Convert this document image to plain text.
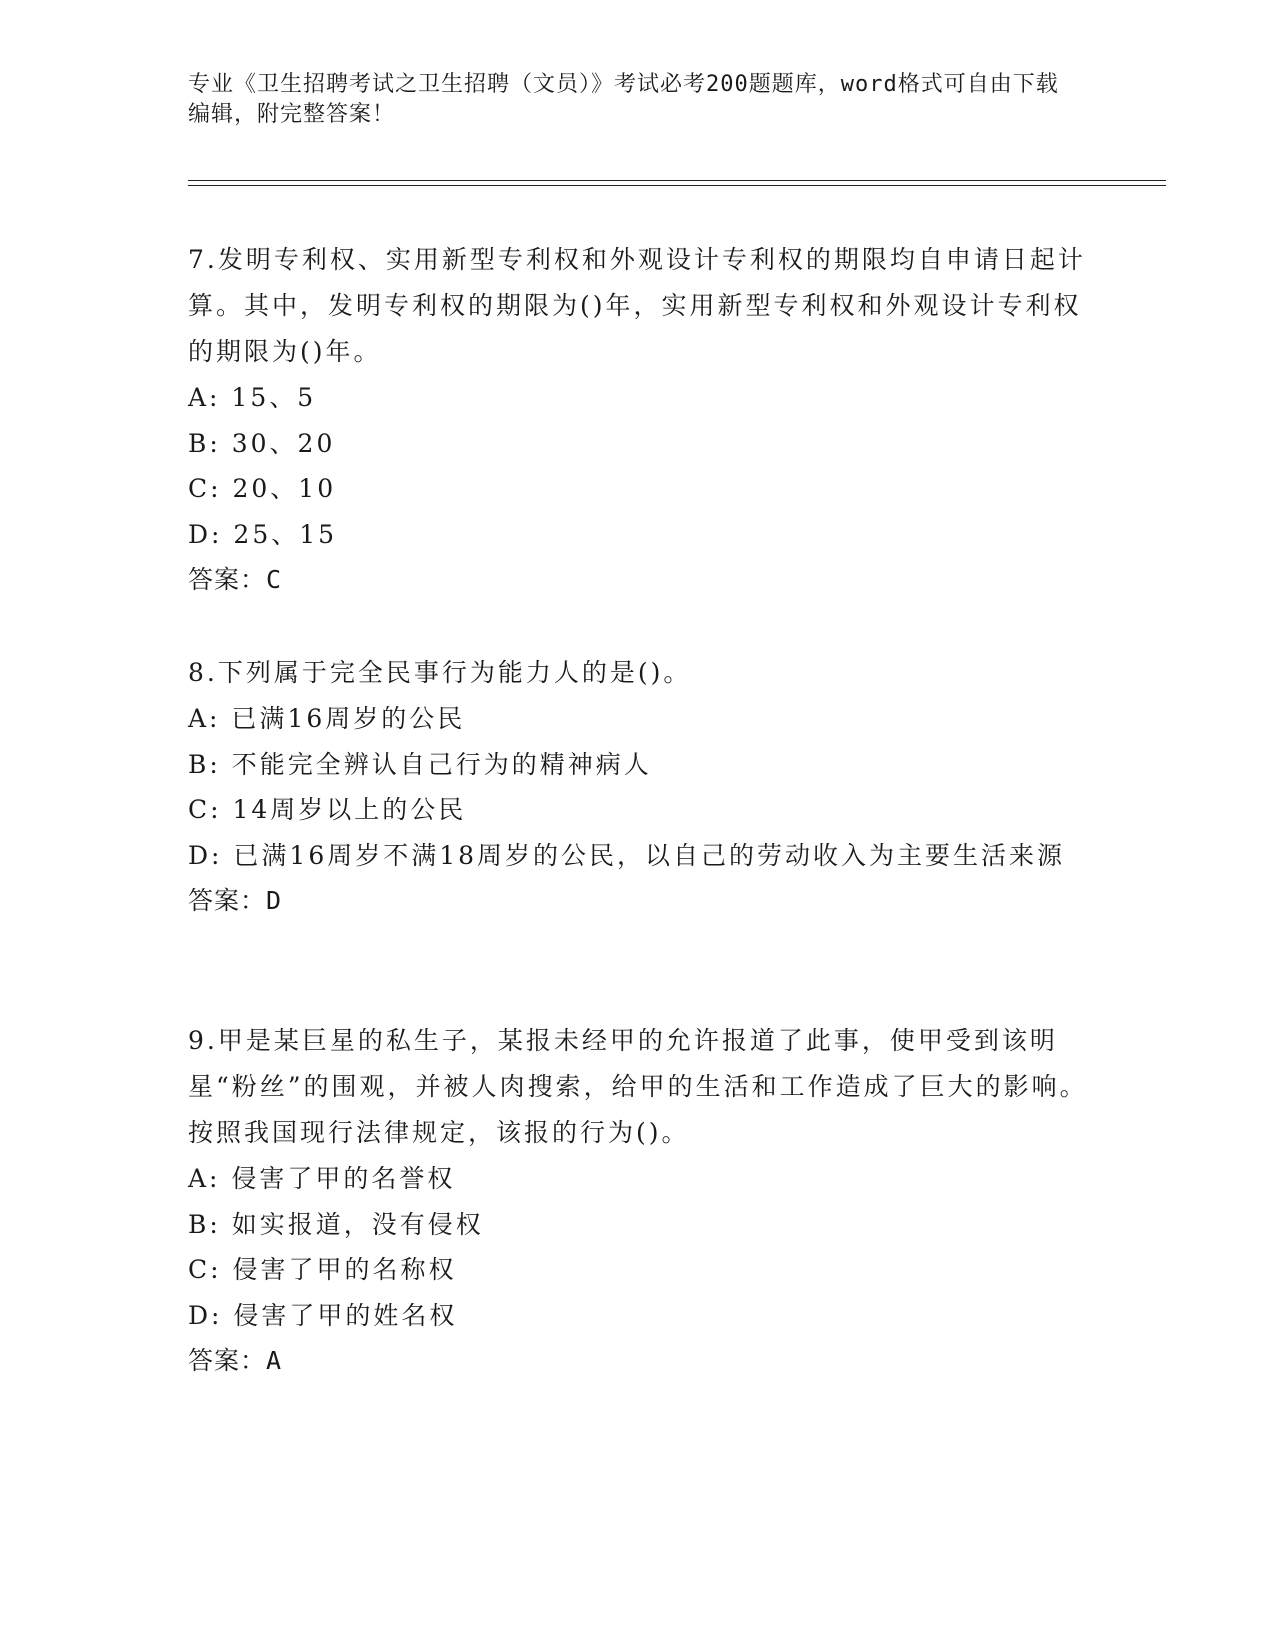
专业《卫生招聘考试之卫生招聘（文员）》考试必考200题题库，word格式可自由下载编辑，附完整答案！

7.发明专利权、实用新型专利权和外观设计专利权的期限均自申请日起计算。其中，发明专利权的期限为()年，实用新型专利权和外观设计专利权的期限为()年。

A: 15、5

B: 30、20

C: 20、10

D: 25、15

答案：C

8.下列属于完全民事行为能力人的是()。

A: 已满16周岁的公民

B: 不能完全辨认自己行为的精神病人

C: 14周岁以上的公民

D: 已满16周岁不满18周岁的公民，以自己的劳动收入为主要生活来源

答案：D

9.甲是某巨星的私生子，某报未经甲的允许报道了此事，使甲受到该明星“粉丝”的围观，并被人肉搜索，给甲的生活和工作造成了巨大的影响。按照我国现行法律规定，该报的行为()。

A: 侵害了甲的名誉权

B: 如实报道，没有侵权

C: 侵害了甲的名称权

D: 侵害了甲的姓名权

答案：A
